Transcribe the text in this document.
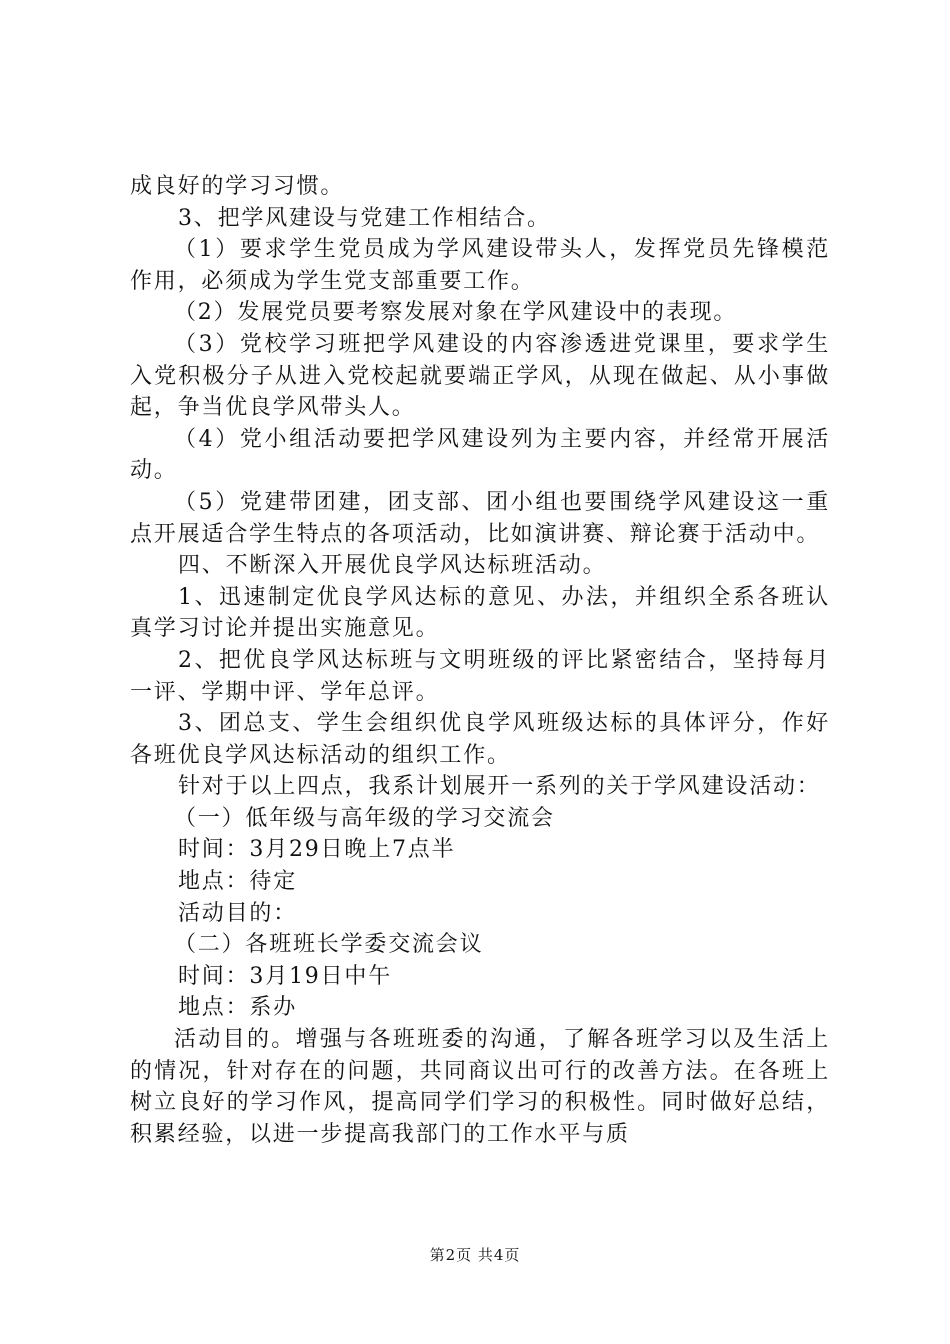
成良好的学习习惯。

3、把学风建设与党建工作相结合。

（1）要求学生党员成为学风建设带头人，发挥党员先锋模范作用，必须成为学生党支部重要工作。

（2）发展党员要考察发展对象在学风建设中的表现。

（3）党校学习班把学风建设的内容渗透进党课里，要求学生入党积极分子从进入党校起就要端正学风，从现在做起、从小事做起，争当优良学风带头人。

（4）党小组活动要把学风建设列为主要内容，并经常开展活动。

（5）党建带团建，团支部、团小组也要围绕学风建设这一重点开展适合学生特点的各项活动，比如演讲赛、辩论赛于活动中。

四、不断深入开展优良学风达标班活动。

1、迅速制定优良学风达标的意见、办法，并组织全系各班认真学习讨论并提出实施意见。

2、把优良学风达标班与文明班级的评比紧密结合，坚持每月一评、学期中评、学年总评。

3、团总支、学生会组织优良学风班级达标的具体评分，作好各班优良学风达标活动的组织工作。

针对于以上四点，我系计划展开一系列的关于学风建设活动：

（一）低年级与高年级的学习交流会

时间：3月29日晚上7点半

地点：待定

活动目的：

（二）各班班长学委交流会议

时间：3月19日中午

地点：系办

活动目的。增强与各班班委的沟通，了解各班学习以及生活上的情况，针对存在的问题，共同商议出可行的改善方法。在各班上树立良好的学习作风，提高同学们学习的积极性。同时做好总结，积累经验，以进一步提高我部门的工作水平与质

第2页 共4页
